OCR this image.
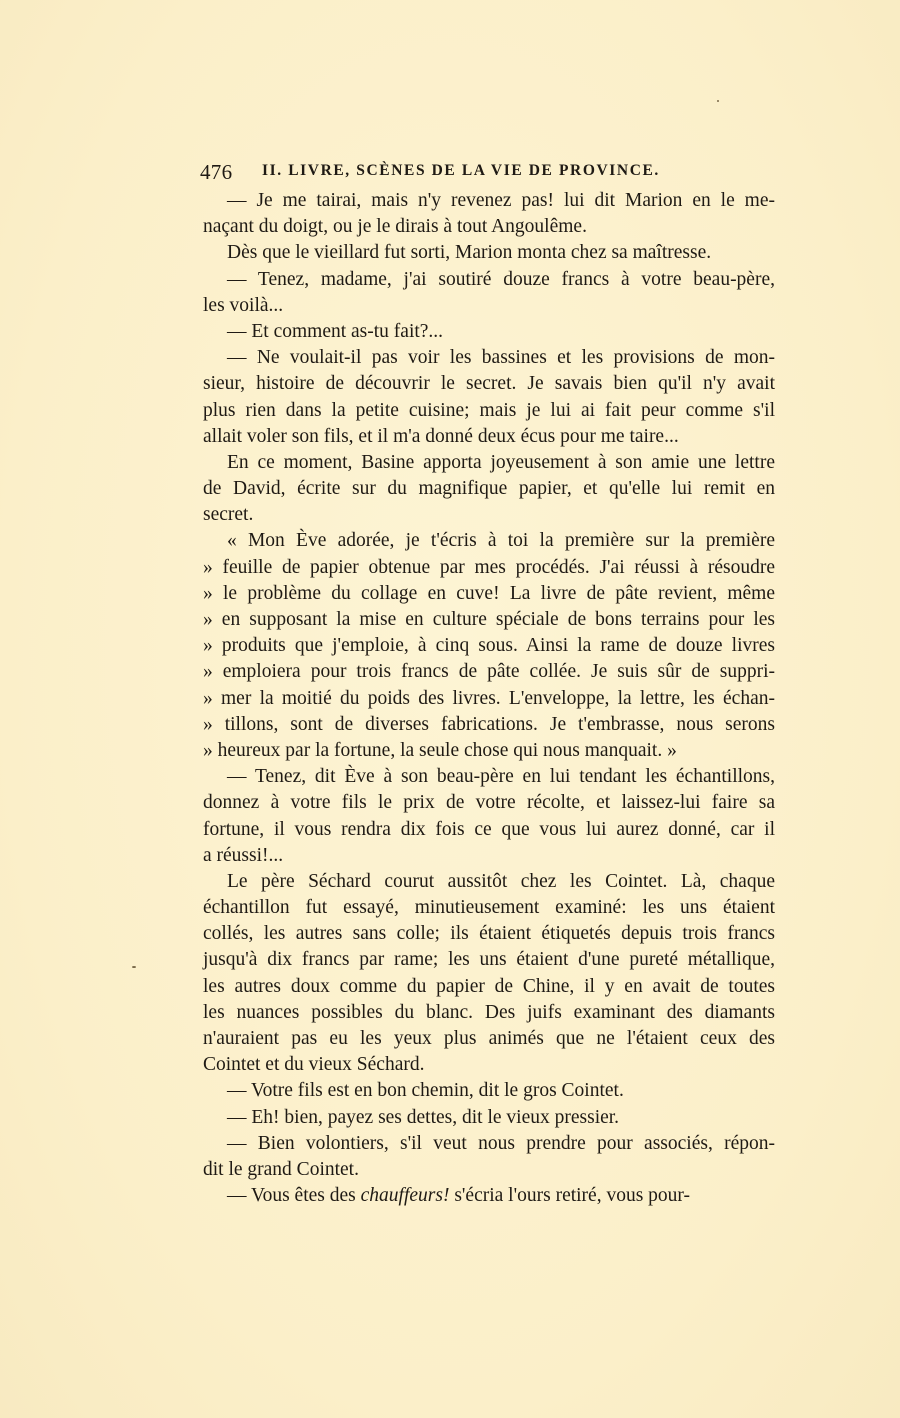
476 II. LIVRE, SCÈNES DE LA VIE DE PROVINCE.
— Je me tairai, mais n'y revenez pas! lui dit Marion en le me-
naçant du doigt, ou je le dirais à tout Angoulême.
Dès que le vieillard fut sorti, Marion monta chez sa maîtresse.
— Tenez, madame, j'ai soutiré douze francs à votre beau-père,
les voilà...
— Et comment as-tu fait?...
— Ne voulait-il pas voir les bassines et les provisions de mon-
sieur, histoire de découvrir le secret. Je savais bien qu'il n'y avait
plus rien dans la petite cuisine; mais je lui ai fait peur comme s'il
allait voler son fils, et il m'a donné deux écus pour me taire...
En ce moment, Basine apporta joyeusement à son amie une lettre
de David, écrite sur du magnifique papier, et qu'elle lui remit en
secret.
« Mon Ève adorée, je t'écris à toi la première sur la première
» feuille de papier obtenue par mes procédés. J'ai réussi à résoudre
» le problème du collage en cuve! La livre de pâte revient, même
» en supposant la mise en culture spéciale de bons terrains pour les
» produits que j'emploie, à cinq sous. Ainsi la rame de douze livres
» emploiera pour trois francs de pâte collée. Je suis sûr de suppri-
» mer la moitié du poids des livres. L'enveloppe, la lettre, les échan-
» tillons, sont de diverses fabrications. Je t'embrasse, nous serons
» heureux par la fortune, la seule chose qui nous manquait. »
— Tenez, dit Ève à son beau-père en lui tendant les échantillons,
donnez à votre fils le prix de votre récolte, et laissez-lui faire sa
fortune, il vous rendra dix fois ce que vous lui aurez donné, car il
a réussi!...
Le père Séchard courut aussitôt chez les Cointet. Là, chaque
échantillon fut essayé, minutieusement examiné: les uns étaient
collés, les autres sans colle; ils étaient étiquetés depuis trois francs
jusqu'à dix francs par rame; les uns étaient d'une pureté métallique,
les autres doux comme du papier de Chine, il y en avait de toutes
les nuances possibles du blanc. Des juifs examinant des diamants
n'auraient pas eu les yeux plus animés que ne l'étaient ceux des
Cointet et du vieux Séchard.
— Votre fils est en bon chemin, dit le gros Cointet.
— Eh! bien, payez ses dettes, dit le vieux pressier.
— Bien volontiers, s'il veut nous prendre pour associés, répon-
dit le grand Cointet.
— Vous êtes des chauffeurs! s'écria l'ours retiré, vous pour-
